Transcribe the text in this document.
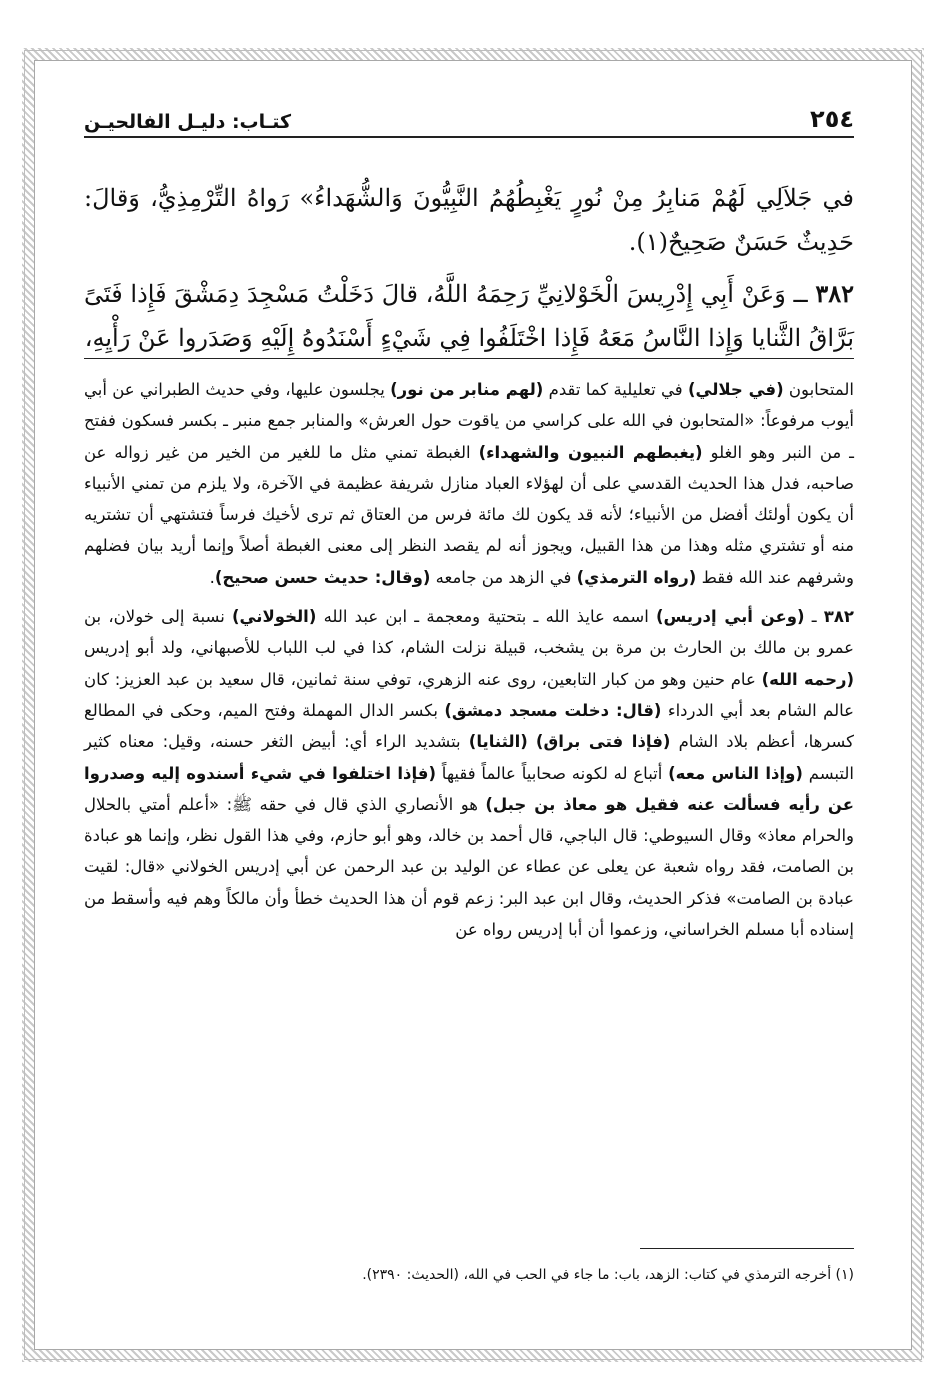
كتـاب: دليـل الفالحيـن	٢٥٤

في جَلاَلِي لَهُمْ مَنابِرُ مِنْ نُورٍ يَغْبِطُهُمُ النَّبِيُّونَ وَالشُّهَداءُ» رَواهُ التِّرْمِذِيُّ، وَقالَ: حَدِيثٌ حَسَنٌ صَحِيحٌ(١).

٣٨٢ ــ وَعَنْ أَبِي إِدْرِيسَ الْخَوْلانِيِّ رَحِمَهُ اللَّهُ، قالَ دَخَلْتُ مَسْجِدَ دِمَشْقَ فَإِذا فَتَىً بَرَّاقُ الثَّنايا وَإِذا النَّاسُ مَعَهُ فَإِذا اخْتَلَفُوا فِي شَيْءٍ أَسْنَدُوهُ إِلَيْهِ وَصَدَروا عَنْ رَأْيِهِ،

المتحابون (في جلالي) في تعليلية كما تقدم (لهم منابر من نور) يجلسون عليها، وفي حديث الطبراني عن أبي أيوب مرفوعاً: «المتحابون في الله على كراسي من ياقوت حول العرش» والمنابر جمع منبر ـ بكسر فسكون ففتح ـ من النبر وهو الغلو (يغبطهم النبيون والشهداء) الغبطة تمني مثل ما للغير من الخير من غير زواله عن صاحبه، فدل هذا الحديث القدسي على أن لهؤلاء العباد منازل شريفة عظيمة في الآخرة، ولا يلزم من تمني الأنبياء أن يكون أولئك أفضل من الأنبياء؛ لأنه قد يكون لك مائة فرس من العتاق ثم ترى لأخيك فرساً فتشتهي أن تشتريه منه أو تشتري مثله وهذا من هذا القبيل، ويجوز أنه لم يقصد النظر إلى معنى الغبطة أصلاً وإنما أريد بيان فضلهم وشرفهم عند الله فقط (رواه الترمذي) في الزهد من جامعه (وقال: حديث حسن صحيح).

٣٨٢ ـ (وعن أبي إدريس) اسمه عايذ الله ـ بتحتية ومعجمة ـ ابن عبد الله (الخولاني) نسبة إلى خولان، بن عمرو بن مالك بن الحارث بن مرة بن يشخب، قبيلة نزلت الشام، كذا في لب اللباب للأصبهاني، ولد أبو إدريس (رحمه الله) عام حنين وهو من كبار التابعين، روى عنه الزهري، توفي سنة ثمانين، قال سعيد بن عبد العزيز: كان عالم الشام بعد أبي الدرداء (قال: دخلت مسجد دمشق) بكسر الدال المهملة وفتح الميم، وحكى في المطالع كسرها، أعظم بلاد الشام (فإذا فتى براق) (الثنايا) بتشديد الراء أي: أبيض الثغر حسنه، وقيل: معناه كثير التبسم (وإذا الناس معه) أتباع له لكونه صحابياً عالماً فقيهاً (فإذا اختلفوا في شيء أسندوه إليه وصدروا عن رأيه فسألت عنه فقيل هو معاذ بن جبل) هو الأنصاري الذي قال في حقه ﷺ: «أعلم أمتي بالحلال والحرام معاذ» وقال السيوطي: قال الباجي، قال أحمد بن خالد، وهو أبو حازم، وفي هذا القول نظر، وإنما هو عبادة بن الصامت، فقد رواه شعبة عن يعلى عن عطاء عن الوليد بن عبد الرحمن عن أبي إدريس الخولاني «قال: لقيت عبادة بن الصامت» فذكر الحديث، وقال ابن عبد البر: زعم قوم أن هذا الحديث خطأ وأن مالكاً وهم فيه وأسقط من إسناده أبا مسلم الخراساني، وزعموا أن أبا إدريس رواه عن

(١) أخرجه الترمذي في كتاب: الزهد، باب: ما جاء في الحب في الله، (الحديث: ٢٣٩٠).
